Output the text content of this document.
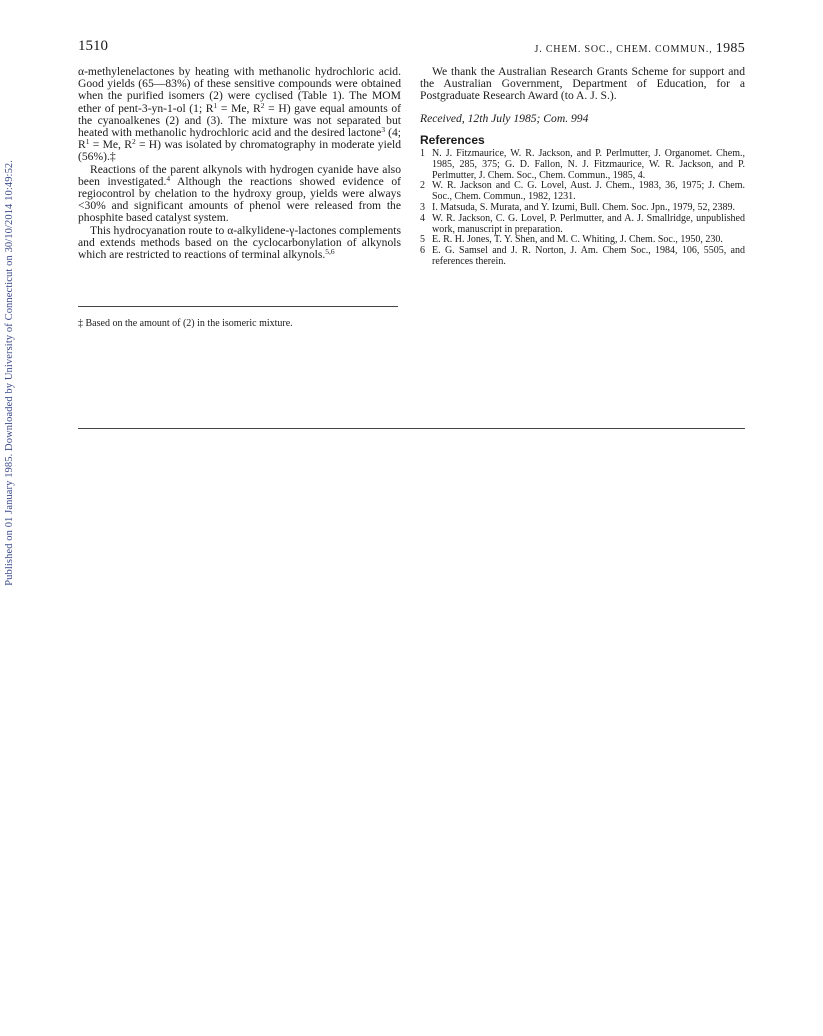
Published on 01 January 1985. Downloaded by University of Connecticut on 30/10/2014 10:49:52.
1510	J. CHEM. SOC., CHEM. COMMUN., 1985

α-methylenelactones by heating with methanolic hydrochloric acid. Good yields (65—83%) of these sensitive compounds were obtained when the purified isomers (2) were cyclised (Table 1). The MOM ether of pent-3-yn-1-ol (1; $R^1 = Me$, $R^2 = H$) gave equal amounts of the cyanoalkenes (2) and (3). The mixture was not separated but heated with methanolic hydrochloric acid and the desired lactone$^3$ (4; $R^1 = Me$, $R^2 = H$) was isolated by chromatography in moderate yield (56%).‡

Reactions of the parent alkynols with hydrogen cyanide have also been investigated.$^4$ Although the reactions showed evidence of regiocontrol by chelation to the hydroxy group, yields were always <30% and significant amounts of phenol were released from the phosphite based catalyst system.

This hydrocyanation route to α-alkylidene-γ-lactones complements and extends methods based on the cyclocarbonylation of alkynols which are restricted to reactions of terminal alkynols.$^{5,6}$

‡ Based on the amount of (2) in the isomeric mixture.

We thank the Australian Research Grants Scheme for support and the Australian Government, Department of Education, for a Postgraduate Research Award (to A. J. S.).

Received, 12th July 1985; Com. 994

References
1 N. J. Fitzmaurice, W. R. Jackson, and P. Perlmutter, J. Organomet. Chem., 1985, 285, 375; G. D. Fallon, N. J. Fitzmaurice, W. R. Jackson, and P. Perlmutter, J. Chem. Soc., Chem. Commun., 1985, 4.
2 W. R. Jackson and C. G. Lovel, Aust. J. Chem., 1983, 36, 1975; J. Chem. Soc., Chem. Commun., 1982, 1231.
3 I. Matsuda, S. Murata, and Y. Izumi, Bull. Chem. Soc. Jpn., 1979, 52, 2389.
4 W. R. Jackson, C. G. Lovel, P. Perlmutter, and A. J. Smallridge, unpublished work, manuscript in preparation.
5 E. R. H. Jones, T. Y. Shen, and M. C. Whiting, J. Chem. Soc., 1950, 230.
6 E. G. Samsel and J. R. Norton, J. Am. Chem Soc., 1984, 106, 5505, and references therein.
